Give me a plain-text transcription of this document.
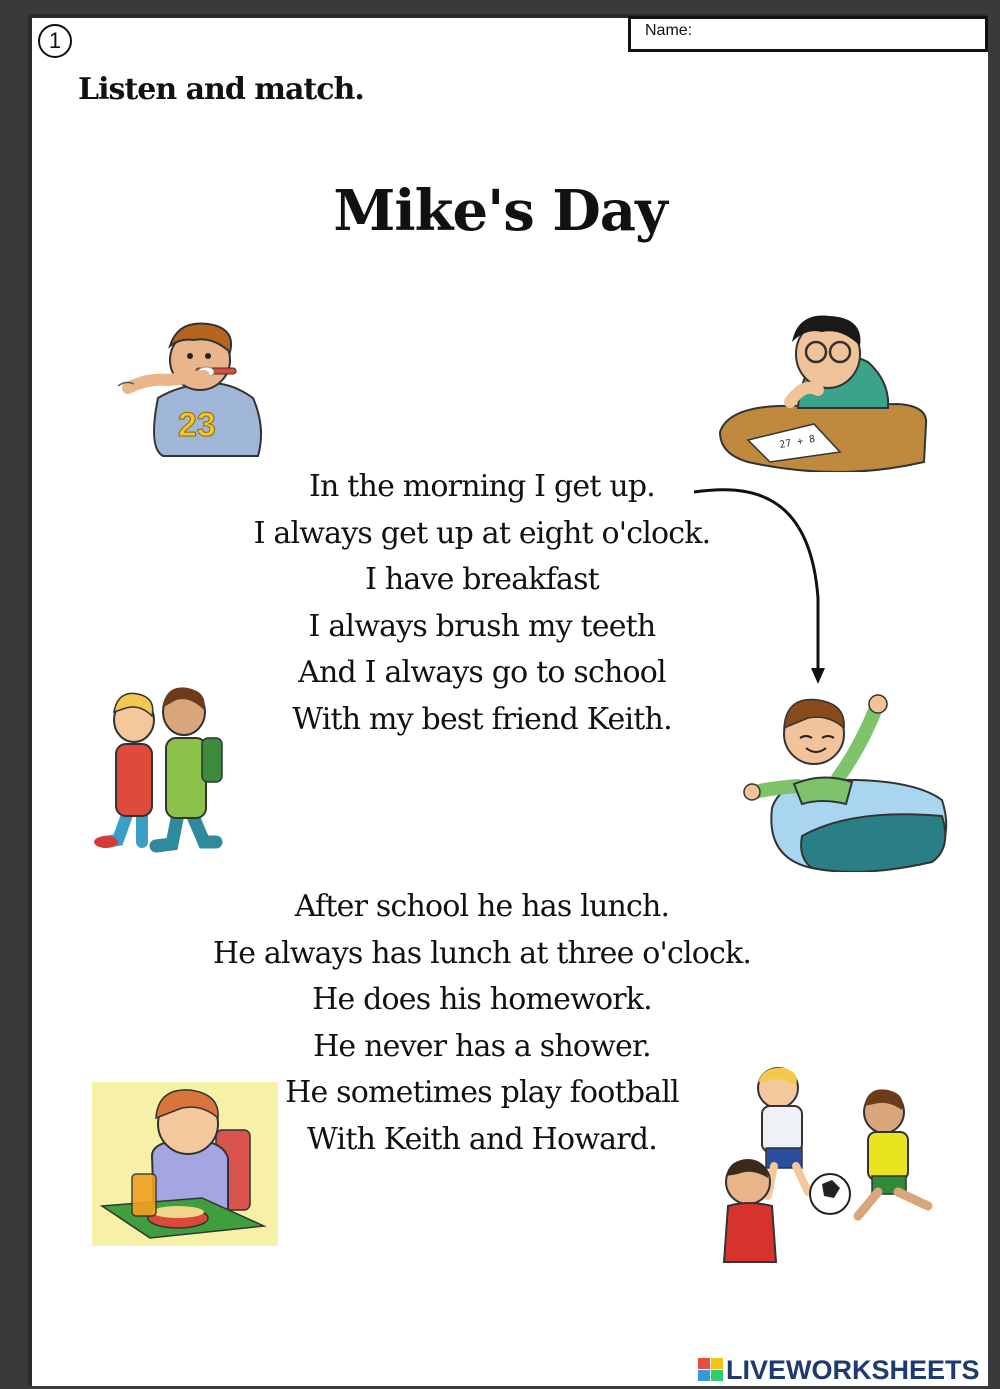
1	Name:
Listen and match.
Mike's Day
In the morning I get up.
I always get up at eight o'clock.
I have breakfast
I always brush my teeth
And I always go to school
With my best friend Keith.
After school he has lunch.
He always has lunch at three o'clock.
He does his homework.
He never has a shower.
He sometimes play football
With Keith and Howard.
23	27 + 8
LIVEWORKSHEETS
